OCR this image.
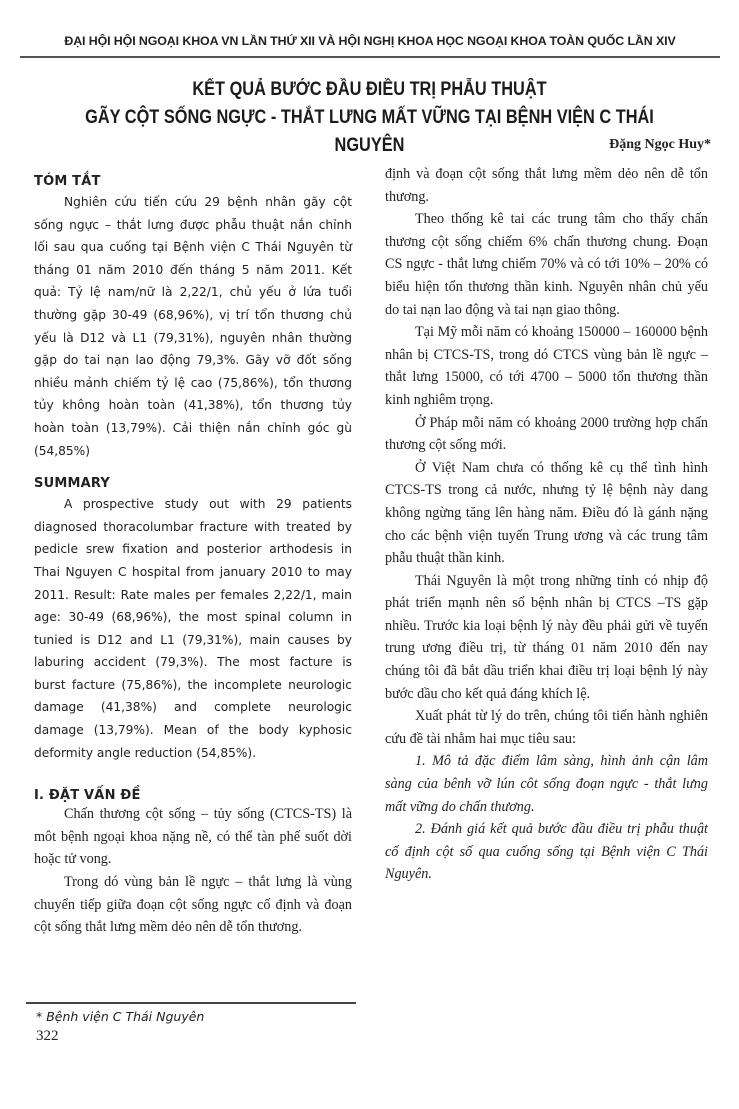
ĐẠI HỘI HỘI NGOẠI KHOA VN LẦN THỨ XII VÀ HỘI NGHỊ KHOA HỌC NGOẠI KHOA TOÀN QUỐC LẦN XIV
KẾT QUẢ BƯỚC ĐẦU ĐIỀU TRỊ PHẪU THUẬT
GÃY CỘT SỐNG NGỰC - THẮT LƯNG MẤT VỮNG TẠI BỆNH VIỆN C THÁI NGUYÊN	Đặng Ngọc Huy*
TÓM TẮT

Nghiên cứu tiến cứu 29 bệnh nhân gãy cột sống ngực – thắt lưng được phẫu thuật nắn chỉnh lối sau qua cuống tại Bệnh viện C Thái Nguyên từ tháng 01 năm 2010 đến tháng 5 năm 2011. Kết quả: Tỷ lệ nam/nữ là 2,22/1, chủ yếu ở lứa tuổi thường gặp 30-49 (68,96%), vị trí tổn thương chủ yếu là D12 và L1 (79,31%), nguyên nhân thường gặp do tai nạn lao động 79,3%. Gãy vỡ đốt sống nhiều mảnh chiếm tỷ lệ cao (75,86%), tổn thương tủy không hoàn toàn (41,38%), tổn thương tủy hoàn toàn (13,79%). Cải thiện nắn chỉnh góc gù (54,85%)

SUMMARY

A prospective study out with 29 patients diagnosed thoracolumbar fracture with treated by pedicle srew fixation and posterior arthodesis in Thai Nguyen C hospital from january 2010 to may 2011. Result: Rate males per females 2,22/1, main age: 30-49 (68,96%), the most spinal column in tunied is D12 and L1 (79,31%), main causes by laburing accident (79,3%). The most facture is burst facture (75,86%), the incomplete neurologic damage (41,38%) and complete neurologic damage (13,79%). Mean of the body kyphosic deformity angle reduction (54,85%).

I. ĐẶT VẤN ĐỀ

Chấn thương cột sống – tủy sống (CTCS-TS) là môt bệnh ngoại khoa nặng nề, có thể tàn phế suốt dời hoặc tử vong.

Trong dó vùng bản lề ngực – thắt lưng là vùng chuyển tiếp giữa đoạn cột sống ngực cố định và đoạn cột sống thắt lưng mềm dẻo nên dễ tổn thương.

định và đoạn cột sống thắt lưng mềm dẻo nên dễ tổn thương.

Theo thống kê tai các trung tâm cho thấy chấn thương cột sống chiếm 6% chấn thương chung. Đoạn CS ngực - thắt lưng chiếm 70% và có tới 10% – 20% có biểu hiện tổn thương thần kinh. Nguyên nhân chủ yếu do tai nạn lao động và tai nạn giao thông.

Tại Mỹ mỗi năm có khoảng 150000 – 160000 bệnh nhân bị CTCS-TS, trong dó CTCS vùng bản lề ngực – thắt lưng 15000, có tới 4700 – 5000 tổn thương thần kinh nghiêm trọng.

Ở Pháp mỗi năm có khoảng 2000 trường hợp chấn thương cột sống mới.

Ở Việt Nam chưa có thống kê cụ thể tình hình CTCS-TS trong cả nước, nhưng tỷ lệ bệnh này dang không ngừng tăng lên hàng năm. Điều đó là gánh nặng cho các bệnh viện tuyến Trung ương và các trung tâm phẫu thuật thần kinh.

Thái Nguyên là một trong những tỉnh có nhịp độ phát triển mạnh nên số bệnh nhân bị CTCS –TS gặp nhiều. Trước kia loại bệnh lý này đều phải gửi về tuyến trung ương điều trị, từ tháng 01 năm 2010 đến nay chúng tôi đã bắt dầu triển khai điều trị loại bệnh lý này bước dầu cho kết quả đáng khích lệ.

Xuất phát từ lý do trên, chúng tôi tiến hành nghiên cứu đề tài nhằm hai mục tiêu sau:

1. Mô tả đặc điểm lâm sàng, hình ảnh cận lâm sàng của bênh vỡ lún côt sống đoạn ngực - thắt lưng mất vững do chấn thương.

2. Đánh giá kết quả bước đầu điều trị phẫu thuật cố định cột số qua cuống sống tại Bệnh viện C Thái Nguyên.

* Bệnh viện C Thái Nguyên
322
